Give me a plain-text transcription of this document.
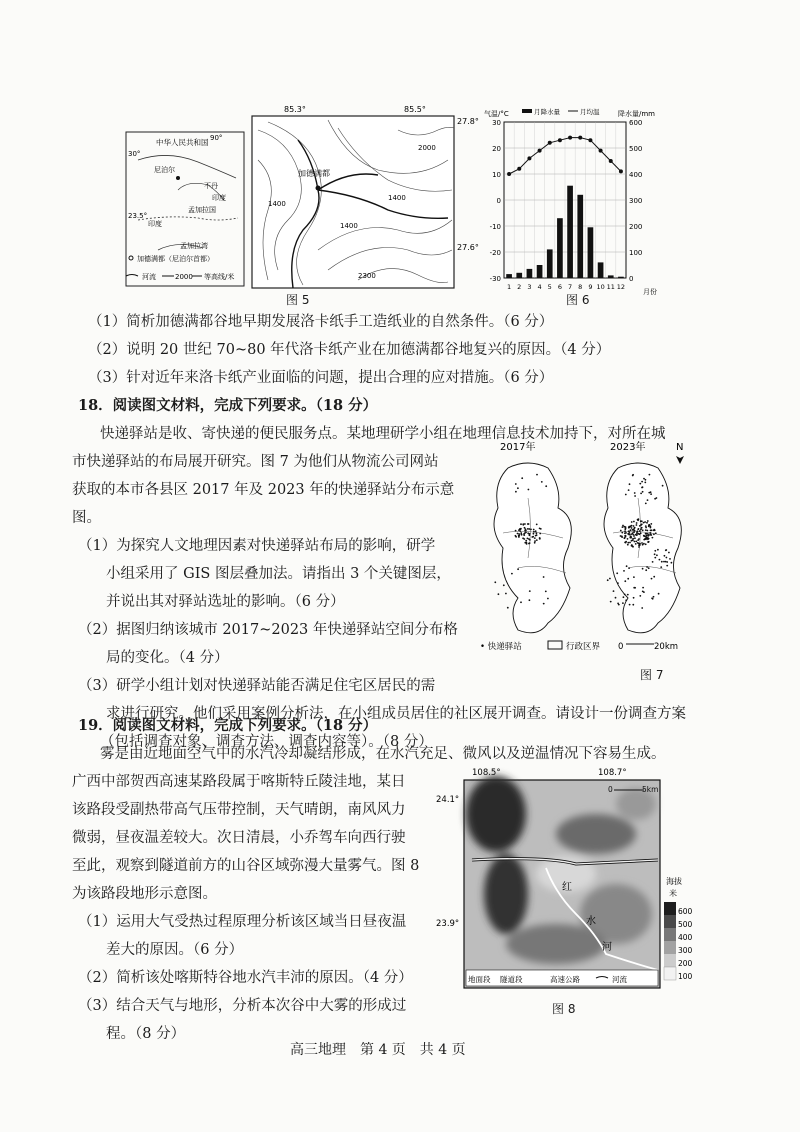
中华人民共和国
尼泊尔
不丹
印度
孟加拉国
孟加拉湾
印度
90°
30°
23.5°
加德满都（尼泊尔首都）
河流	2000 等高线/米
加德满都
1400
2000
1400
1400
2300
85.3°	85.5°
27.8°
27.6°
图 5
气温/°C	降水量/mm
月降水量	月均温
30
20
10
0
-10
-20
-30
600
500
400
300
200
100
0
1 2 3 4 5 6 7 8 9 10 11 12
月份
图 6
（1）简析加德满都谷地早期发展洛卡纸手工造纸业的自然条件。（6 分）
（2）说明 20 世纪 70~80 年代洛卡纸产业在加德满都谷地复兴的原因。（4 分）
（3）针对近年来洛卡纸产业面临的问题，提出合理的应对措施。（6 分）
18．阅读图文材料，完成下列要求。（18 分）
快递驿站是收、寄快递的便民服务点。某地理研学小组在地理信息技术加持下，对所在城
市快递驿站的布局展开研究。图 7 为他们从物流公司网站
获取的本市各县区 2017 年及 2023 年的快递驿站分布示意
图。
（1）为探究人文地理因素对快递驿站布局的影响，研学
小组采用了 GIS 图层叠加法。请指出 3 个关键图层，
并说出其对驿站选址的影响。（6 分）
（2）据图归纳该城市 2017~2023 年快递驿站空间分布格
局的变化。（4 分）
（3）研学小组计划对快递驿站能否满足住宅区居民的需
求进行研究。他们采用案例分析法，在小组成员居住的社区展开调查。请设计一份调查方案
（包括调查对象、调查方法、调查内容等）。（8 分）
2017年	2023年	N
• 快递驿站	行政区界 0	20km
图 7
19．阅读图文材料，完成下列要求。（18 分）
雾是由近地面空气中的水汽冷却凝结形成，在水汽充足、微风以及逆温情况下容易生成。
广西中部贺西高速某路段属于喀斯特丘陵洼地，某日
该路段受副热带高气压带控制，天气晴朗，南风风力
微弱，昼夜温差较大。次日清晨，小乔驾车向西行驶
至此，观察到隧道前方的山谷区域弥漫大量雾气。图 8
为该路段地形示意图。
（1）运用大气受热过程原理分析该区域当日昼夜温
差大的原因。（6 分）
（2）简析该处喀斯特谷地水汽丰沛的原因。（4 分）
（3）结合天气与地形，分析本次谷中大雾的形成过
程。（8 分）
108.5°	108.7°
24.1°
23.9°
红
水
河
0	5km
地面段 隧道段	高速公路	河流
海拔
米
600
500
400
300
200
100
图 8
高三地理　第 4 页　共 4 页
